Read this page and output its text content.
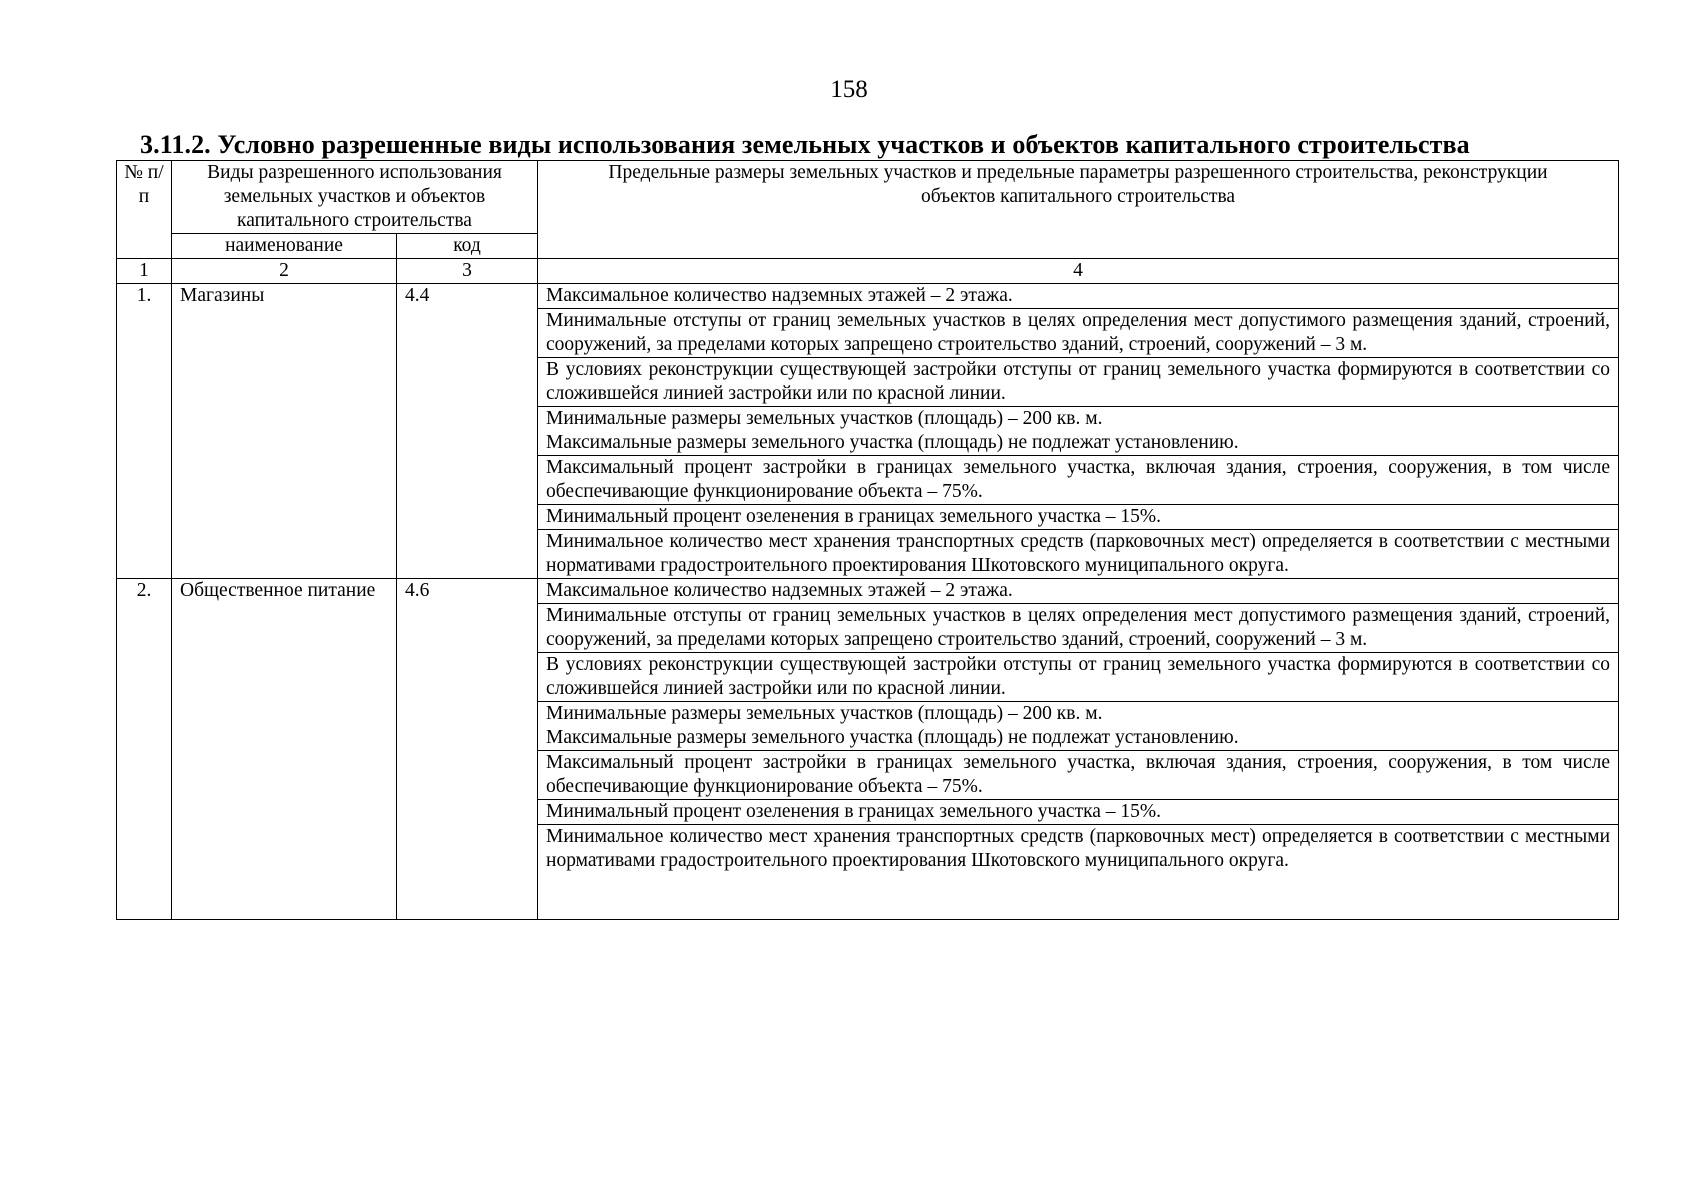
158
3.11.2. Условно разрешенные виды использования земельных участков и объектов капитального строительства
№ п/п	Виды разрешенного использования земельных участков и объектов капитального строительства		Предельные размеры земельных участков и предельные параметры разрешенного строительства, реконструкции объектов капитального строительства
	наименование	код	
1	2	3	4
1.	Магазины	4.4	Максимальное количество надземных этажей – 2 этажа.
			Минимальные отступы от границ земельных участков в целях определения мест допустимого размещения зданий, строений, сооружений, за пределами которых запрещено строительство зданий, строений, сооружений – 3 м.
			В условиях реконструкции существующей застройки отступы от границ земельного участка формируются в соответствии со сложившейся линией застройки или по красной линии.

			Минимальные размеры земельных участков (площадь) – 200 кв. м.
Максимальные размеры земельного участка (площадь) не подлежат установлению.

			Максимальный процент застройки в границах земельного участка, включая здания, строения, сооружения, в том числе обеспечивающие функционирование объекта – 75%.
			Минимальный процент озеленения в границах земельного участка – 15%.
			Минимальное количество мест хранения транспортных средств (парковочных мест) определяется в соответствии с местными нормативами градостроительного проектирования Шкотовского муниципального округа.
2.	Общественное питание	4.6	Максимальное количество надземных этажей – 2 этажа.
			Минимальные отступы от границ земельных участков в целях определения мест допустимого размещения зданий, строений, сооружений, за пределами которых запрещено строительство зданий, строений, сооружений – 3 м.
			В условиях реконструкции существующей застройки отступы от границ земельного участка формируются в соответствии со сложившейся линией застройки или по красной линии.

			Минимальные размеры земельных участков (площадь) – 200 кв. м.
Максимальные размеры земельного участка (площадь) не подлежат установлению.

			Максимальный процент застройки в границах земельного участка, включая здания, строения, сооружения, в том числе обеспечивающие функционирование объекта – 75%.
			Минимальный процент озеленения в границах земельного участка – 15%.
			Минимальное количество мест хранения транспортных средств (парковочных мест) определяется в соответствии с местными нормативами градостроительного проектирования Шкотовского муниципального округа.
